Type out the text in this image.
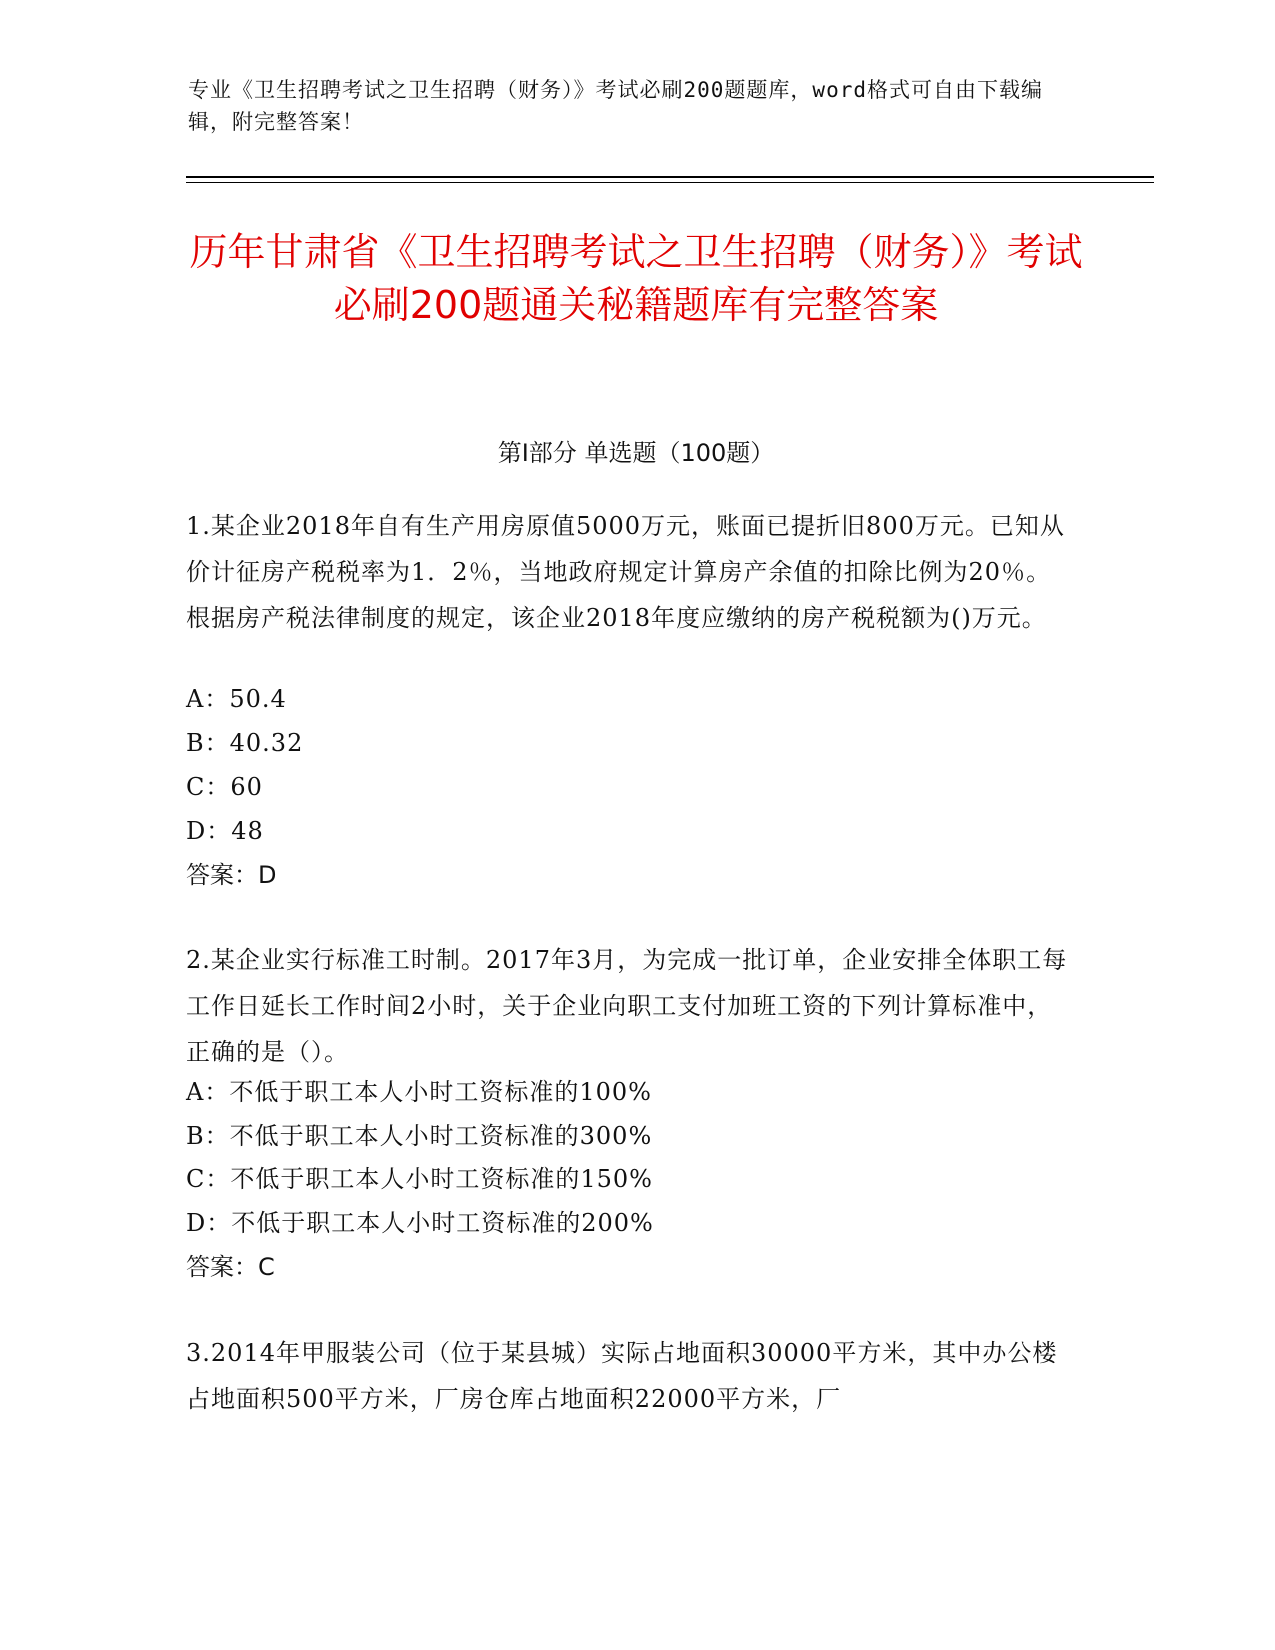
专业《卫生招聘考试之卫生招聘（财务）》考试必刷200题题库，word格式可自由下载编辑，附完整答案！
历年甘肃省《卫生招聘考试之卫生招聘（财务）》考试必刷200题通关秘籍题库有完整答案
第Ⅰ部分 单选题（100题）
1.某企业2018年自有生产用房原值5000万元，账面已提折旧800万元。已知从价计征房产税税率为1．2％，当地政府规定计算房产余值的扣除比例为20％。根据房产税法律制度的规定，该企业2018年度应缴纳的房产税税额为()万元。
A：50.4
B：40.32
C：60
D：48
答案：D
2.某企业实行标准工时制。2017年3月，为完成一批订单，企业安排全体职工每工作日延长工作时间2小时，关于企业向职工支付加班工资的下列计算标准中，正确的是（）。
A：不低于职工本人小时工资标准的100%
B：不低于职工本人小时工资标准的300%
C：不低于职工本人小时工资标准的150%
D：不低于职工本人小时工资标准的200%
答案：C
3.2014年甲服装公司（位于某县城）实际占地面积30000平方米，其中办公楼占地面积500平方米，厂房仓库占地面积22000平方米，厂
